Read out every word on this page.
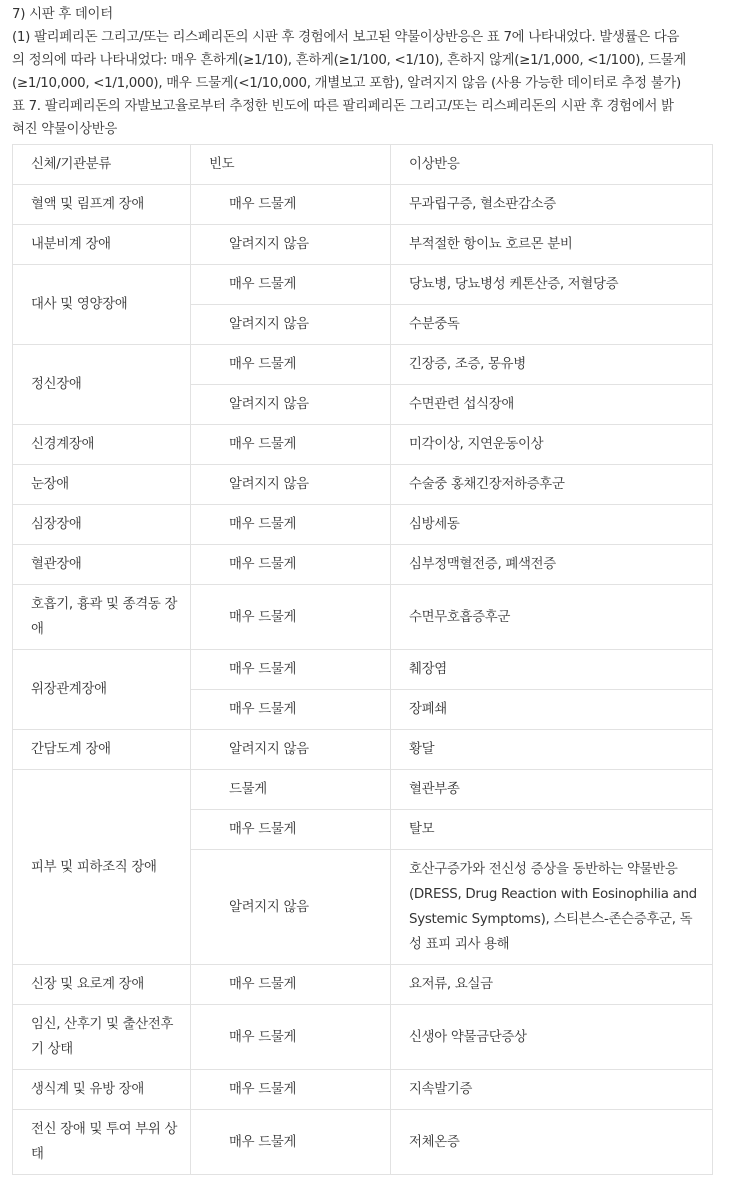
7) 시판 후 데이터

(1) 팔리페리돈 그리고/또는 리스페리돈의 시판 후 경험에서 보고된 약물이상반응은 표 7에 나타내었다. 발생률은 다음

의 정의에 따라 나타내었다: 매우 흔하게(≥1/10), 흔하게(≥1/100, <1/10), 흔하지 않게(≥1/1,000, <1/100), 드물게

(≥1/10,000, <1/1,000), 매우 드물게(<1/10,000, 개별보고 포함), 알려지지 않음 (사용 가능한 데이터로 추정 불가)

표 7. 팔리페리돈의 자발보고율로부터 추정한 빈도에 따른 팔리페리돈 그리고/또는 리스페리돈의 시판 후 경험에서 밝

혀진 약물이상반응

신체/기관분류	빈도	이상반응
혈액 및 림프계 장애	매우 드물게	무과립구증, 혈소판감소증
내분비계 장애	알려지지 않음	부적절한 항이뇨 호르몬 분비
대사 및 영양장애	매우 드물게	당뇨병, 당뇨병성 케톤산증, 저혈당증
	알려지지 않음	수분중독
정신장애	매우 드물게	긴장증, 조증, 몽유병
	알려지지 않음	수면관련 섭식장애
신경계장애	매우 드물게	미각이상, 지연운동이상
눈장애	알려지지 않음	수술중 홍채긴장저하증후군
심장장애	매우 드물게	심방세동
혈관장애	매우 드물게	심부정맥혈전증, 폐색전증
호흡기, 흉곽 및 종격동 장애	매우 드물게	수면무호흡증후군
위장관계장애	매우 드물게	췌장염
	매우 드물게	장폐쇄
간담도계 장애	알려지지 않음	황달
피부 및 피하조직 장애	드물게	혈관부종
	매우 드물게	탈모
	알려지지 않음	호산구증가와 전신성 증상을 동반하는 약물반응 (DRESS, Drug Reaction with Eosinophilia and Systemic Symptoms), 스티븐스-존슨증후군, 독성 표피 괴사 용해
신장 및 요로계 장애	매우 드물게	요저류, 요실금
임신, 산후기 및 출산전후기 상태	매우 드물게	신생아 약물금단증상
생식계 및 유방 장애	매우 드물게	지속발기증
전신 장애 및 투여 부위 상태	매우 드물게	저체온증
